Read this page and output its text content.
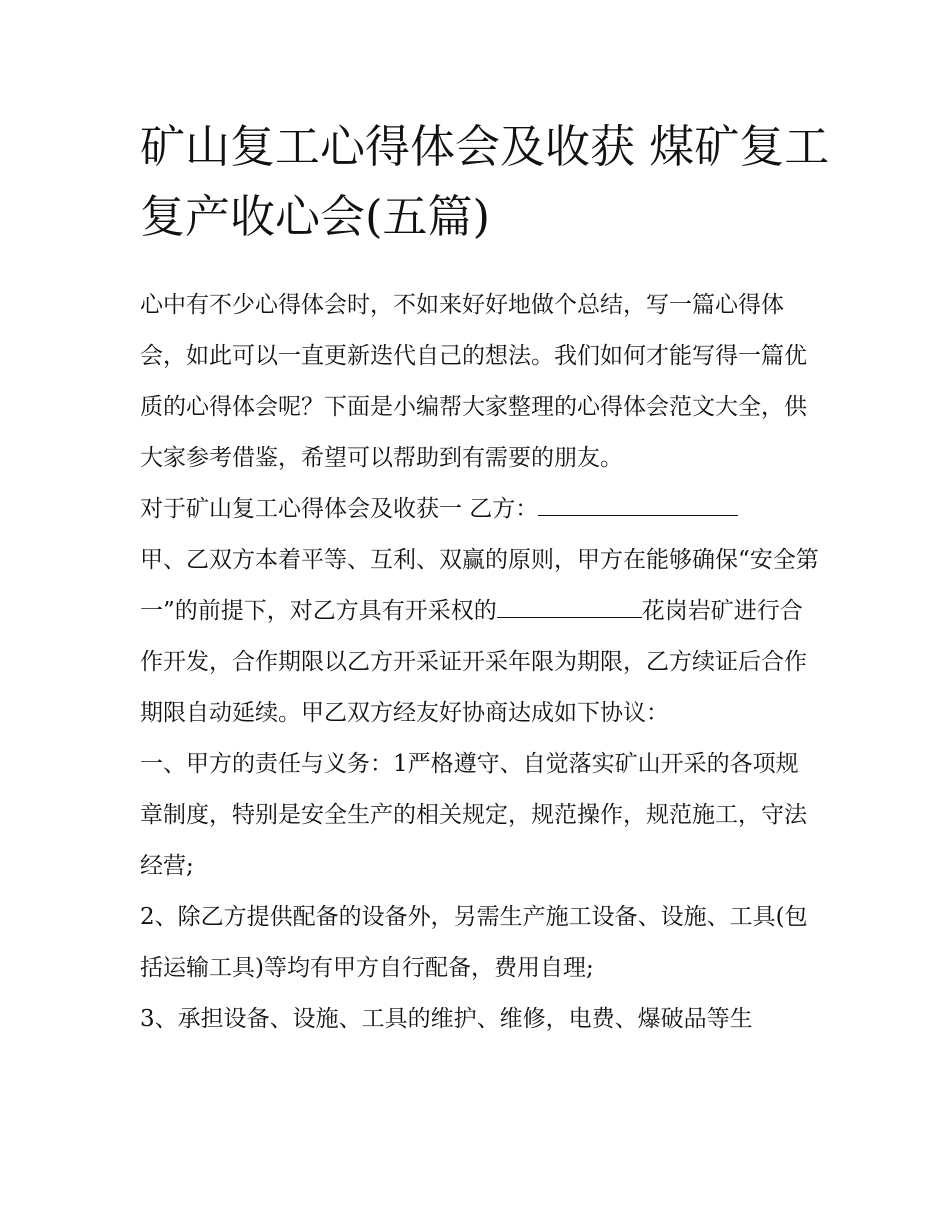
矿山复工心得体会及收获 煤矿复工复产收心会(五篇)

心中有不少心得体会时，不如来好好地做个总结，写一篇心得体会，如此可以一直更新迭代自己的想法。我们如何才能写得一篇优质的心得体会呢？下面是小编帮大家整理的心得体会范文大全，供大家参考借鉴，希望可以帮助到有需要的朋友。

对于矿山复工心得体会及收获一 乙方：

甲、乙双方本着平等、互利、双赢的原则，甲方在能够确保“安全第一”的前提下，对乙方具有开采权的	花岗岩矿进行合作开发，合作期限以乙方开采证开采年限为期限，乙方续证后合作期限自动延续。甲乙双方经友好协商达成如下协议：

一、甲方的责任与义务：1严格遵守、自觉落实矿山开采的各项规章制度，特别是安全生产的相关规定，规范操作，规范施工，守法经营;

2、除乙方提供配备的设备外，另需生产施工设备、设施、工具(包括运输工具)等均有甲方自行配备，费用自理;

3、承担设备、设施、工具的维护、维修，电费、爆破品等生
